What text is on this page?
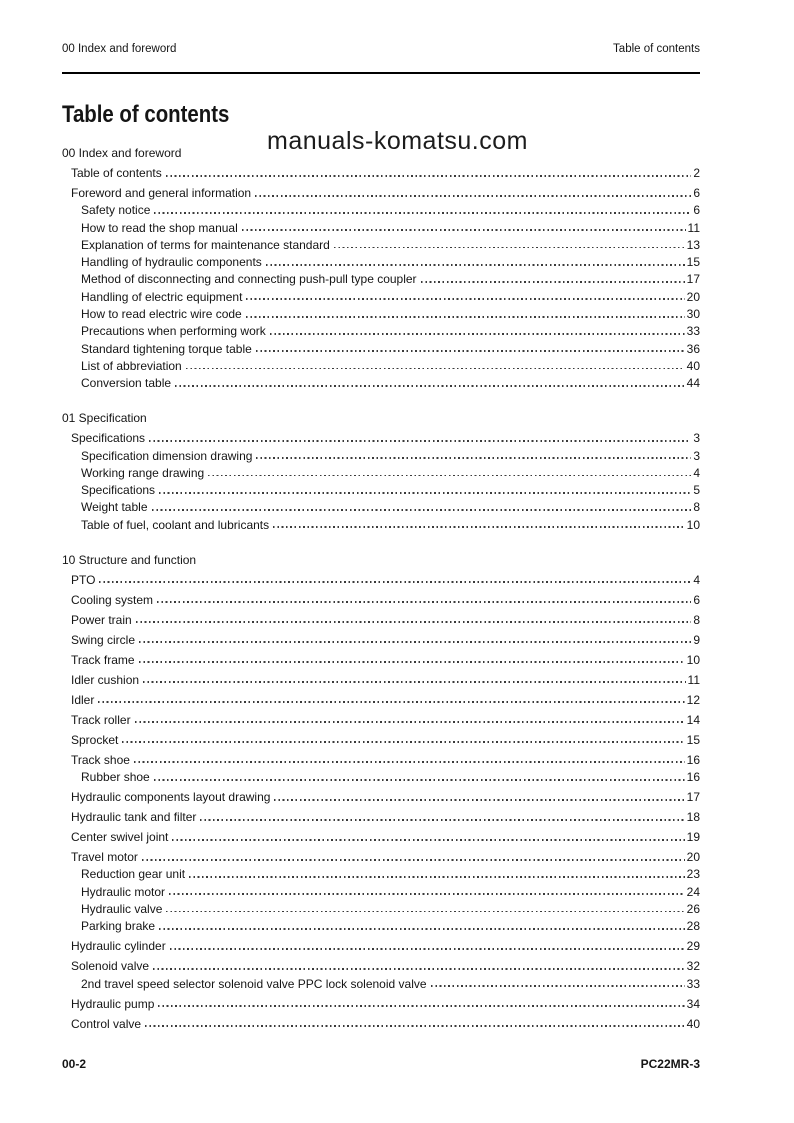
00 Index and foreword	Table of contents
Table of contents
00 Index and foreword
Table of contents	2
Foreword and general information	6
Safety notice	6
How to read the shop manual	11
Explanation of terms for maintenance standard	13
Handling of hydraulic components	15
Method of disconnecting and connecting push-pull type coupler	17
Handling of electric equipment	20
How to read electric wire code	30
Precautions when performing work	33
Standard tightening torque table	36
List of abbreviation	40
Conversion table	44
01 Specification
Specifications	3
Specification dimension drawing	3
Working range drawing	4
Specifications	5
Weight table	8
Table of fuel, coolant and lubricants	10
10 Structure and function
PTO	4
Cooling system	6
Power train	8
Swing circle	9
Track frame	10
Idler cushion	11
Idler	12
Track roller	14
Sprocket	15
Track shoe	16
Rubber shoe	16
Hydraulic components layout drawing	17
Hydraulic tank and filter	18
Center swivel joint	19
Travel motor	20
Reduction gear unit	23
Hydraulic motor	24
Hydraulic valve	26
Parking brake	28
Hydraulic cylinder	29
Solenoid valve	32
2nd travel speed selector solenoid valve PPC lock solenoid valve	33
Hydraulic pump	34
Control valve	40
manuals-komatsu.com
00-2	PC22MR-3
